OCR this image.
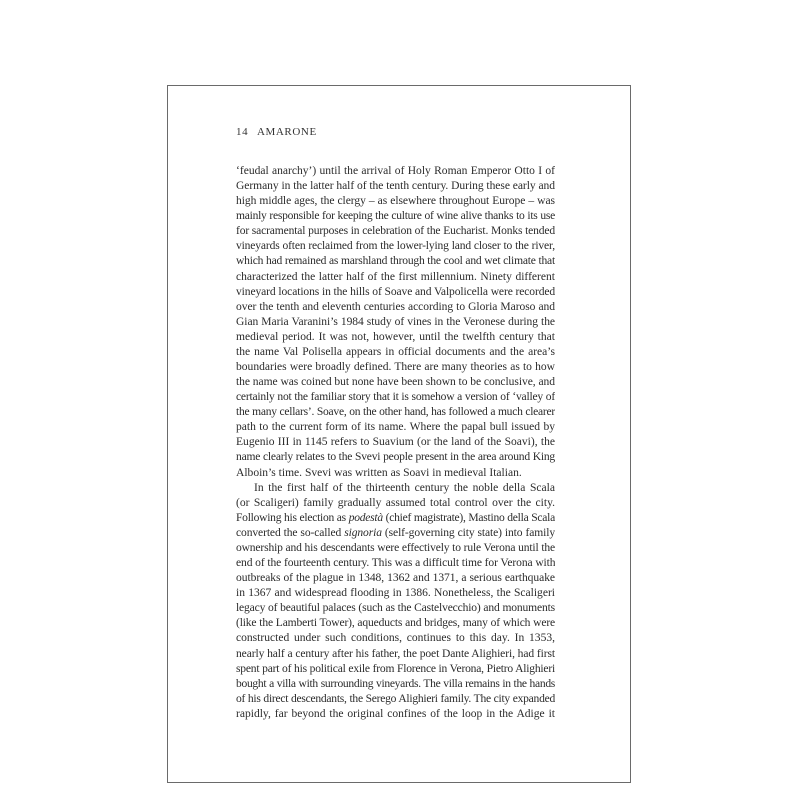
14 AMARONE
‘feudal anarchy’) until the arrival of Holy Roman Emperor Otto I of
Germany in the latter half of the tenth century. During these early and
high middle ages, the clergy – as elsewhere throughout Europe – was
mainly responsible for keeping the culture of wine alive thanks to its use
for sacramental purposes in celebration of the Eucharist. Monks tended
vineyards often reclaimed from the lower-lying land closer to the river,
which had remained as marshland through the cool and wet climate that
characterized the latter half of the first millennium. Ninety different
vineyard locations in the hills of Soave and Valpolicella were recorded
over the tenth and eleventh centuries according to Gloria Maroso and
Gian Maria Varanini’s 1984 study of vines in the Veronese during the
medieval period. It was not, however, until the twelfth century that
the name Val Polisella appears in official documents and the area’s
boundaries were broadly defined. There are many theories as to how
the name was coined but none have been shown to be conclusive, and
certainly not the familiar story that it is somehow a version of ‘valley of
the many cellars’. Soave, on the other hand, has followed a much clearer
path to the current form of its name. Where the papal bull issued by
Eugenio III in 1145 refers to Suavium (or the land of the Soavi), the
name clearly relates to the Svevi people present in the area around King
Alboin’s time. Svevi was written as Soavi in medieval Italian.
In the first half of the thirteenth century the noble della Scala
(or Scaligeri) family gradually assumed total control over the city.
Following his election as podestà (chief magistrate), Mastino della Scala
converted the so-called signoria (self-governing city state) into family
ownership and his descendants were effectively to rule Verona until the
end of the fourteenth century. This was a difficult time for Verona with
outbreaks of the plague in 1348, 1362 and 1371, a serious earthquake
in 1367 and widespread flooding in 1386. Nonetheless, the Scaligeri
legacy of beautiful palaces (such as the Castelvecchio) and monuments
(like the Lamberti Tower), aqueducts and bridges, many of which were
constructed under such conditions, continues to this day. In 1353,
nearly half a century after his father, the poet Dante Alighieri, had first
spent part of his political exile from Florence in Verona, Pietro Alighieri
bought a villa with surrounding vineyards. The villa remains in the hands
of his direct descendants, the Serego Alighieri family. The city expanded
rapidly, far beyond the original confines of the loop in the Adige it
